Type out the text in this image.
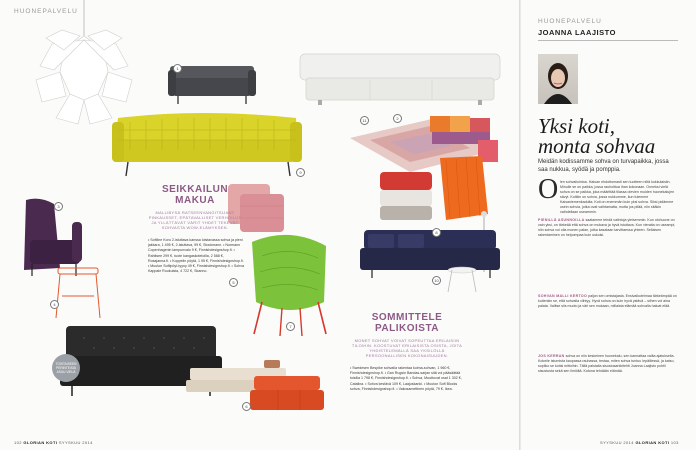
HUONEPALVELU
TOISTAISEEN PERINTEISIÄ ASUU VIELÄ
1
2
3
4
5
6
7
8
9
10
11
SEIKKAILUN
MAKUA
MALLIBYSÄ RATSEENVANGITSIJANT PINKAUSSET, EPÄTAVALLISET VERHOILUT JA YLLÄTTÄVÄT VÄRIT YHDET TEKEVÄT SOHVASTA WOW-ELÄMYKSEN.
• Softline Koru 2-istuttava kanssa loistavassa sohva ja pieni jakkara, 1 495 €, 2-istuttava, 99 €, Stockmann. • Normann Copenhagenin lampunvalo 9 €, Finnishdesignshop.fi. • Rahitsee 299 €, tuote kangaskoteloilla, 2 588 €, Rosajanna.fi. • Koppelin pöytä, 1 95 €, Finnishdesignshop.fi. • Muuton Softipöyt-tyyny 49 €, Finnishdesignshop.fi. • Sohva Kappale Ruukuista, 4 722 €, Skanno.
SOMMITTELE
PALIKOISTA
MONET SOHVAT VOIVAT SOPEUTTAA ERILAISIIN TILOIHIN. KOOSTUVAT ERILAISISTA OSISTA, JOITA YHDISTELEMÄLLÄ SAA YKSILÖLLÄ PERSOONALLISEN KOKONAISUUDEN.
• Swedesen Bespike sohvalla rakentaa kulma-sohvan, 1 960 €, Finnishdesignshop.fi. • Gan Rugsin Bandas-sarjan sitä voi pääsäätää toisilla 1 798 €, Finnishdesignshop.fi. • Sohva, Muuttuvat osat 1 302 €, Catalina. • Sohva kestävä 109 €, Laajuskanki. • Muuton Soft Blocks sohva, Finnishdesignshop.fi. • Vakosamettinen pöytä, 79 €, Ikea.
102 GLORIAN KOTI SYYSKUU 2014
HUONEPALVELU
JOANNA LAAJISTO
Yksi koti,
monta sohvaa
Meidän kodissamme sohva on turvapaikka, jossa saa nukkua, syödä ja pomppia.
O len sohvailuintoa. Haluan ehdottomasti sen tuotteen niitä kukkulaisiin. Minulle se on paikka, jossa rauhoittua ihan kokonaan. Onneksi vielä sohva on se paikka, joka määrittää tilassa olevien muiden huonekalujen sävyt. Kotikin on sohva, jossa nukkumme, kun tulemme Kaisaniemenkadulta. Koti on enemmän kuin yksi sohva. Siksi pidämme usein sohvia, jotka ovat vaihtamatta, mutta jos pitää, niin sitäkin vaihdellaan useammin.
PIENILLÄ ASUNNOILLA saatamme tehdä valintoja yleisemmin. Kun olohuone on vain yksi, on tärkeää että sohva on mukava ja hyvä istuttava. Kun vieraita on useampi, niin sohva voi olla monen palan, jotka kasataan tarvittaessa yhteen. Sellaisen rakentaminen on helpompaa kuin uskoisi.
SOHVAN MALLI KERTOO paljon sen omistajasta. Ensivaikutelmaa tärkeämpää on kuitenkin se, että sohvalla viihtyy. Hyvä sohva on kuin hyvä ystävä – siihen voi aina palata. Valitse siis muoto ja väri sen mukaan, millaista elämää sohvalla haluat elää.
JOS KERRAN sohva on niin keskeinen huonekalu, sen kannattaa valita ajatuksella. Kokeile istumista kaupassa rauhassa, testaa, miten sohva tuntuu lepäillessä, ja katso, sopiiko se kotisi mittoihin. Tällä palstalla sisustusarkkitehti Joanna Laajisto pohtii sisustusta sekä sen ilmiöitä. Kotona tehdään elämää.
SYYSKUU 2014 GLORIAN KOTI 103
